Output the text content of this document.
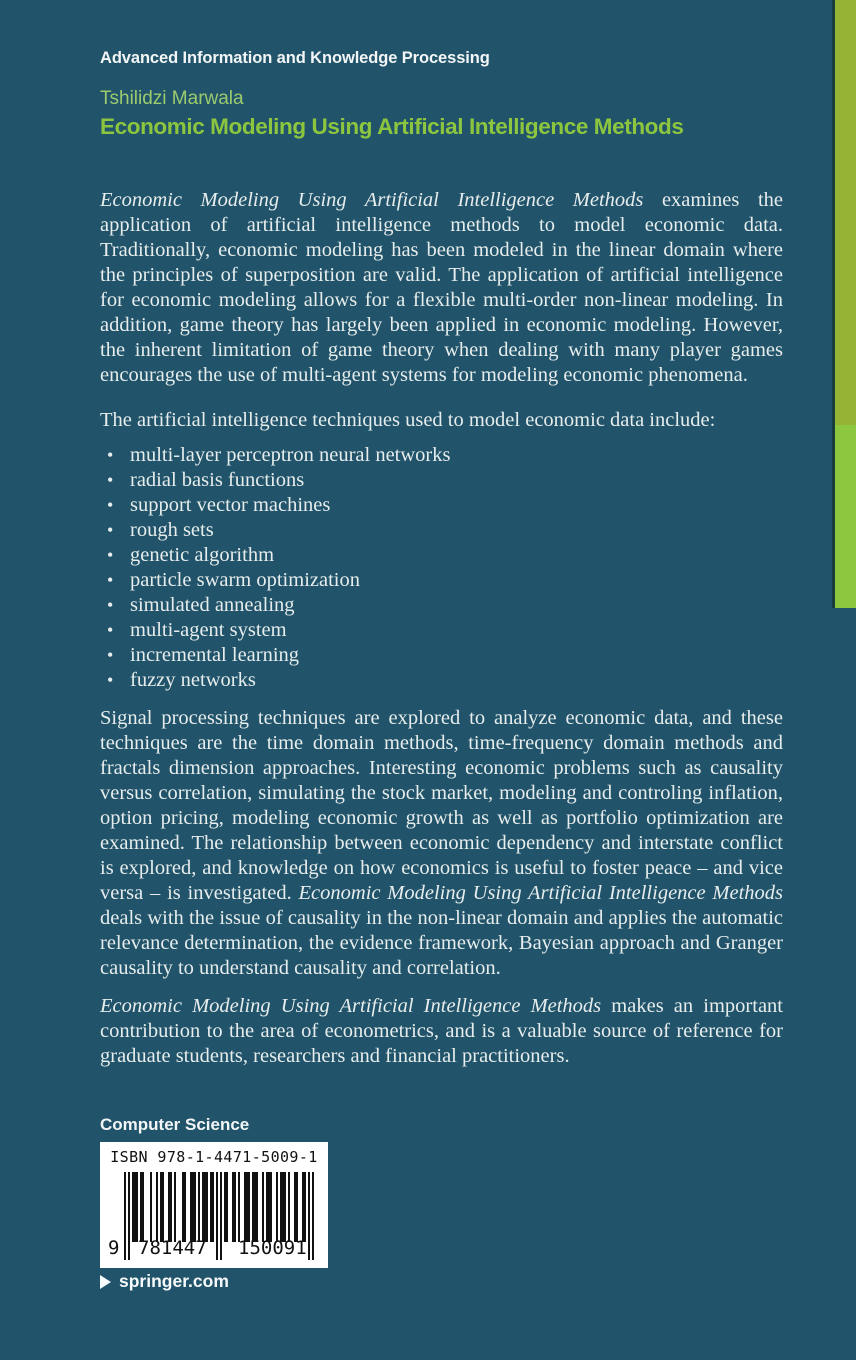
Advanced Information and Knowledge Processing
Tshilidzi Marwala
Economic Modeling Using Artificial Intelligence Methods

Economic Modeling Using Artificial Intelligence Methods examines the application of artificial intelligence methods to model economic data. Traditionally, economic modeling has been modeled in the linear domain where the principles of superposition are valid. The application of artificial intelligence for economic modeling allows for a flexible multi-order non-linear modeling. In addition, game theory has largely been applied in economic modeling. However, the inherent limitation of game theory when dealing with many player games encourages the use of multi-agent systems for modeling economic phenomena.

The artificial intelligence techniques used to model economic data include:

• multi-layer perceptron neural networks
• radial basis functions
• support vector machines
• rough sets
• genetic algorithm
• particle swarm optimization
• simulated annealing
• multi-agent system
• incremental learning
• fuzzy networks

Signal processing techniques are explored to analyze economic data, and these techniques are the time domain methods, time-frequency domain methods and fractals dimension approaches. Interesting economic problems such as causality versus correlation, simulating the stock market, modeling and controling inflation, option pricing, modeling economic growth as well as portfolio optimization are examined. The relationship between economic dependency and interstate conflict is explored, and knowledge on how economics is useful to foster peace – and vice versa – is investigated. Economic Modeling Using Artificial Intelligence Methods deals with the issue of causality in the non-linear domain and applies the automatic relevance determination, the evidence framework, Bayesian approach and Granger causality to understand causality and correlation.

Economic Modeling Using Artificial Intelligence Methods makes an important contribution to the area of econometrics, and is a valuable source of reference for graduate students, researchers and financial practitioners.

Computer Science
ISBN 978-1-4471-5009-1
9 781447 150091
springer.com
